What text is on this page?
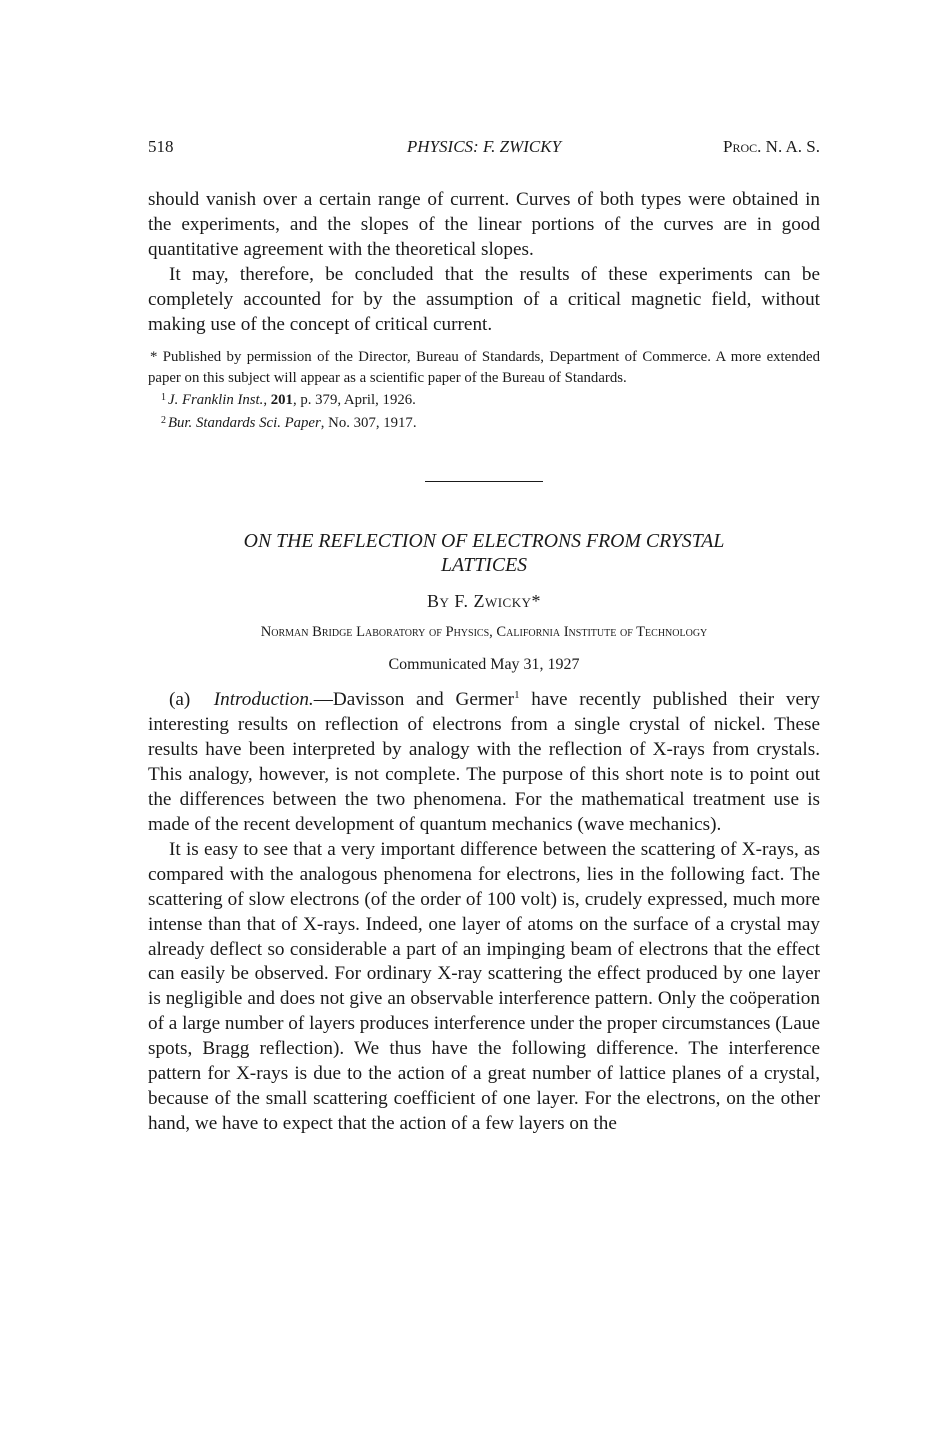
518	PHYSICS: F. ZWICKY	Proc. N. A. S.

should vanish over a certain range of current. Curves of both types were obtained in the experiments, and the slopes of the linear portions of the curves are in good quantitative agreement with the theoretical slopes.

It may, therefore, be concluded that the results of these experiments can be completely accounted for by the assumption of a critical magnetic field, without making use of the concept of critical current.

* Published by permission of the Director, Bureau of Standards, Department of Commerce. A more extended paper on this subject will appear as a scientific paper of the Bureau of Standards.

$^1$ J. Franklin Inst., 201, p. 379, April, 1926.

$^2$ Bur. Standards Sci. Paper, No. 307, 1917.

ON THE REFLECTION OF ELECTRONS FROM CRYSTAL
LATTICES
By F. Zwicky*
Norman Bridge Laboratory of Physics, California Institute of Technology
Communicated May 31, 1927

(a) Introduction.—Davisson and Germer$^1$ have recently published their very interesting results on reflection of electrons from a single crystal of nickel. These results have been interpreted by analogy with the reflection of X-rays from crystals. This analogy, however, is not complete. The purpose of this short note is to point out the differences between the two phenomena. For the mathematical treatment use is made of the recent development of quantum mechanics (wave mechanics).

It is easy to see that a very important difference between the scattering of X-rays, as compared with the analogous phenomena for electrons, lies in the following fact. The scattering of slow electrons (of the order of 100 volt) is, crudely expressed, much more intense than that of X-rays. Indeed, one layer of atoms on the surface of a crystal may already deflect so considerable a part of an impinging beam of electrons that the effect can easily be observed. For ordinary X-ray scattering the effect produced by one layer is negligible and does not give an observable interference pattern. Only the coöperation of a large number of layers produces interference under the proper circumstances (Laue spots, Bragg reflection). We thus have the following difference. The interference pattern for X-rays is due to the action of a great number of lattice planes of a crystal, because of the small scattering coefficient of one layer. For the electrons, on the other hand, we have to expect that the action of a few layers on the
